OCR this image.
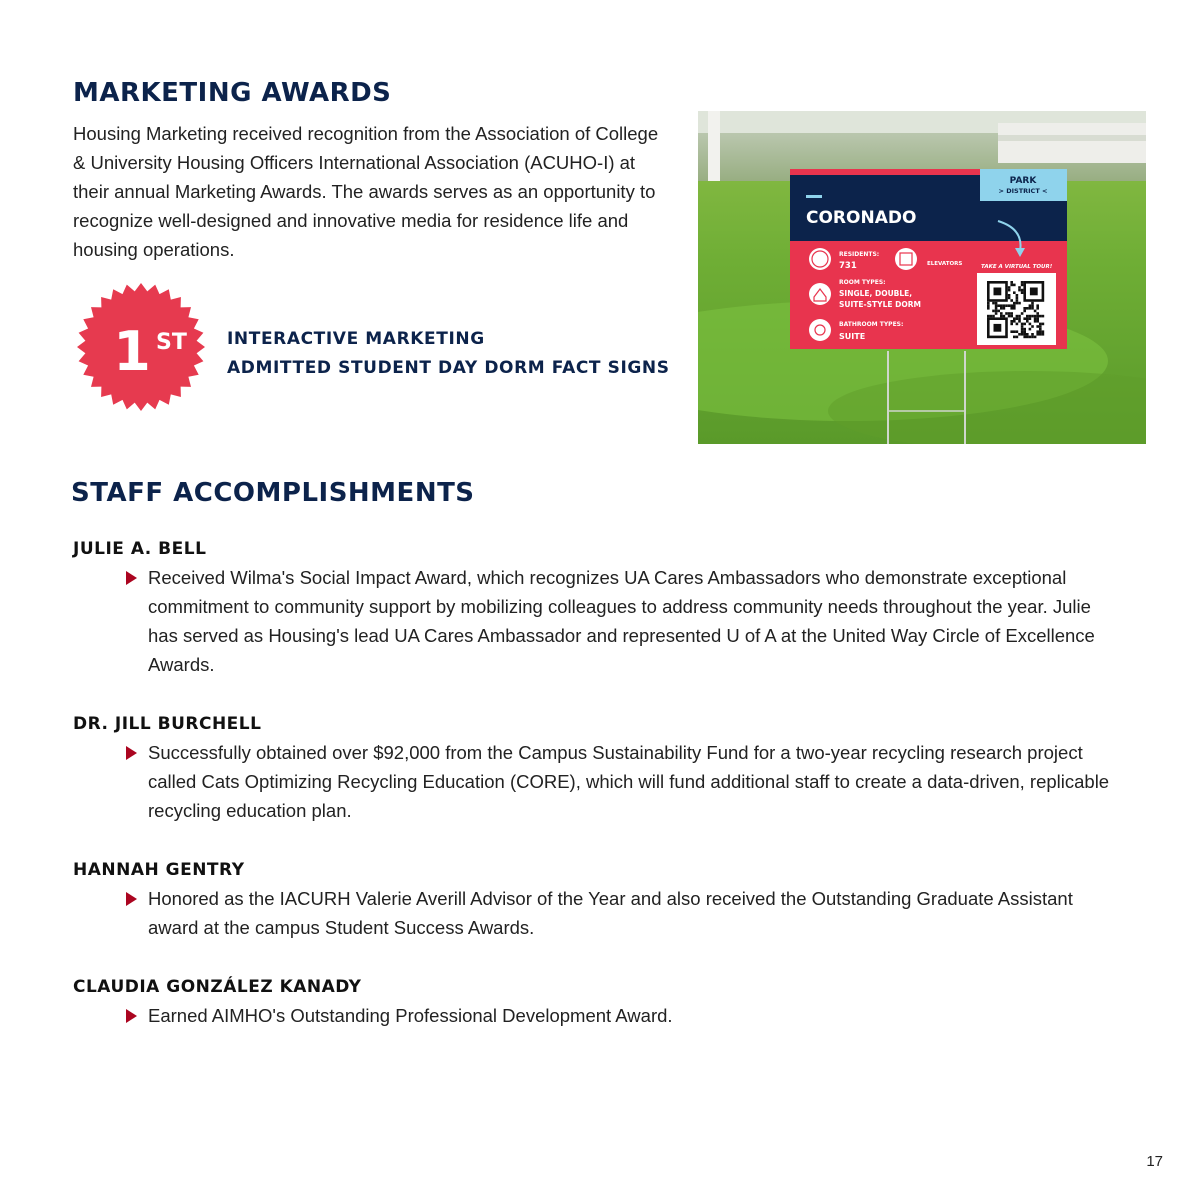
MARKETING AWARDS

Housing Marketing received recognition from the Association of College & University Housing Officers International Association (ACUHO-I) at their annual Marketing Awards. The awards serves as an opportunity to recognize well-designed and innovative media for residence life and housing operations.

1 ST INTERACTIVE MARKETING
ADMITTED STUDENT DAY DORM FACT SIGNS
PARK
> DISTRICT <
CORONADO
RESIDENTS:
731	ELEVATORS	TAKE A VIRTUAL TOUR!
ROOM TYPES:
SINGLE, DOUBLE,
SUITE-STYLE DORM
BATHROOM TYPES:
SUITE
STAFF ACCOMPLISHMENTS
JULIE A. BELL
Received Wilma's Social Impact Award, which recognizes UA Cares Ambassadors who demonstrate exceptional commitment to community support by mobilizing colleagues to address community needs throughout the year. Julie has served as Housing's lead UA Cares Ambassador and represented U of A at the United Way Circle of Excellence Awards.
DR. JILL BURCHELL
Successfully obtained over $92,000 from the Campus Sustainability Fund for a two-year recycling research project called Cats Optimizing Recycling Education (CORE), which will fund additional staff to create a data-driven, replicable recycling education plan.
HANNAH GENTRY
Honored as the IACURH Valerie Averill Advisor of the Year and also received the Outstanding Graduate Assistant award at the campus Student Success Awards.
CLAUDIA GONZÁLEZ KANADY
Earned AIMHO's Outstanding Professional Development Award.
17
